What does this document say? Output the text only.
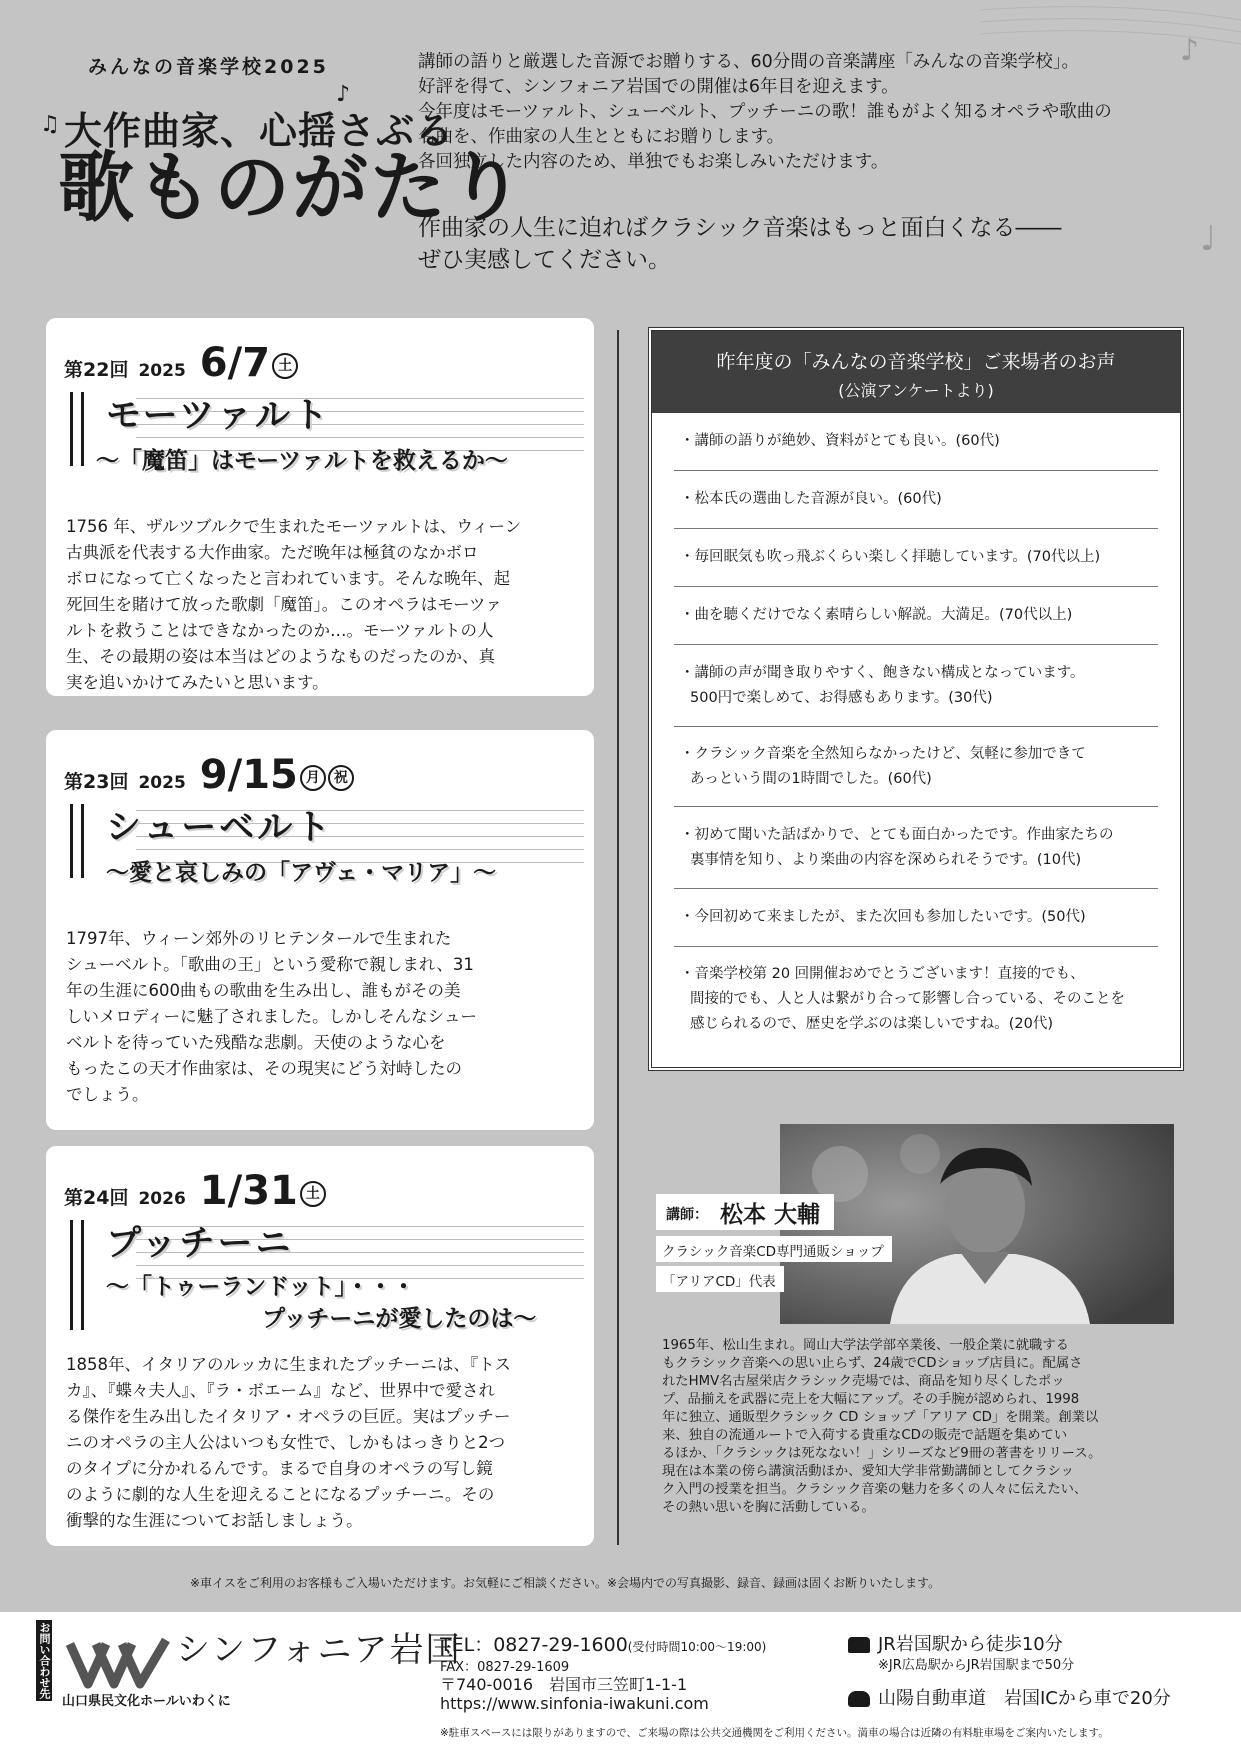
♪
♩
みんなの音楽学校2025
♫
♪
大作曲家、心揺さぶる
歌ものがたり
講師の語りと厳選した音源でお贈りする、60分間の音楽講座「みんなの音楽学校」。
好評を得て、シンフォニア岩国での開催は6年目を迎えます。
今年度はモーツァルト、シューベルト、プッチーニの歌！誰もがよく知るオペラや歌曲の
名曲を、作曲家の人生とともにお贈りします。
各回独立した内容のため、単独でもお楽しみいただけます。
作曲家の人生に迫ればクラシック音楽はもっと面白くなる――
ぜひ実感してください。
第22回 2025 6/7 土
モーツァルト
～「魔笛」はモーツァルトを救えるか～
1756 年、ザルツブルクで生まれたモーツァルトは、ウィーン
古典派を代表する大作曲家。ただ晩年は極貧のなかボロ
ボロになって亡くなったと言われています。そんな晩年、起
死回生を賭けて放った歌劇「魔笛」。このオペラはモーツァ
ルトを救うことはできなかったのか…。モーツァルトの人
生、その最期の姿は本当はどのようなものだったのか、真
実を追いかけてみたいと思います。
第23回 2025 9/15 月 祝
シューベルト
～愛と哀しみの「アヴェ・マリア」～
1797年、ウィーン郊外のリヒテンタールで生まれた
シューベルト。「歌曲の王」という愛称で親しまれ、31
年の生涯に600曲もの歌曲を生み出し、誰もがその美
しいメロディーに魅了されました。しかしそんなシュー
ベルトを待っていた残酷な悲劇。天使のような心を
もったこの天才作曲家は、その現実にどう対峙したの
でしょう。
第24回 2026 1/31 土
プッチーニ
～「トゥーランドット」・・・
プッチーニが愛したのは～
1858年、イタリアのルッカに生まれたプッチーニは、『トス
カ』、『蝶々夫人』、『ラ・ボエーム』など、世界中で愛され
る傑作を生み出したイタリア・オペラの巨匠。実はプッチー
ニのオペラの主人公はいつも女性で、しかもはっきりと2つ
のタイプに分かれるんです。まるで自身のオペラの写し鏡
のように劇的な人生を迎えることになるプッチーニ。その
衝撃的な生涯についてお話しましょう。
昨年度の「みんなの音楽学校」ご来場者のお声
(公演アンケートより)
・講師の語りが絶妙、資料がとても良い。(60代)
・松本氏の選曲した音源が良い。(60代)
・毎回眠気も吹っ飛ぶくらい楽しく拝聴しています。(70代以上)
・曲を聴くだけでなく素晴らしい解説。大満足。(70代以上)
・講師の声が聞き取りやすく、飽きない構成となっています。
500円で楽しめて、お得感もあります。(30代)
・クラシック音楽を全然知らなかったけど、気軽に参加できて
あっという間の1時間でした。(60代)
・初めて聞いた話ばかりで、とても面白かったです。作曲家たちの
裏事情を知り、より楽曲の内容を深められそうです。(10代)
・今回初めて来ましたが、また次回も参加したいです。(50代)
・音楽学校第 20 回開催おめでとうございます！直接的でも、
間接的でも、人と人は繋がり合って影響し合っている、そのことを
感じられるので、歴史を学ぶのは楽しいですね。(20代)
講師： 松本 大輔
クラシック音楽CD専門通販ショップ
「アリアCD」代表
1965年、松山生まれ。岡山大学法学部卒業後、一般企業に就職する
もクラシック音楽への思い止らず、24歳でCDショップ店員に。配属さ
れたHMV名古屋栄店クラシック売場では、商品を知り尽くしたポッ
プ、品揃えを武器に売上を大幅にアップ。その手腕が認められ、1998
年に独立、通販型クラシック CD ショップ「アリア CD」を開業。創業以
来、独自の流通ルートで入荷する貴重なCDの販売で話題を集めてい
るほか、「クラシックは死なない！」シリーズなど9冊の著書をリリース。
現在は本業の傍ら講演活動ほか、愛知大学非常勤講師としてクラシッ
ク入門の授業を担当。クラシック音楽の魅力を多くの人々に伝えたい、
その熱い思いを胸に活動している。
※車イスをご利用のお客様もご入場いただけます。お気軽にご相談ください。※会場内での写真撮影、録音、録画は固くお断りいたします。
お問い合わせ先	シンフォニア岩国
山口県民文化ホールいわくに
TEL：0827-29-1600(受付時間10:00～19:00)
FAX：0827-29-1609
〒740-0016　岩国市三笠町1-1-1
https://www.sinfonia-iwakuni.com
JR岩国駅から徒歩10分
※JR広島駅からJR岩国駅まで50分
山陽自動車道　岩国ICから車で20分
※駐車スペースには限りがありますので、ご来場の際は公共交通機関をご利用ください。満車の場合は近隣の有料駐車場をご案内いたします。
